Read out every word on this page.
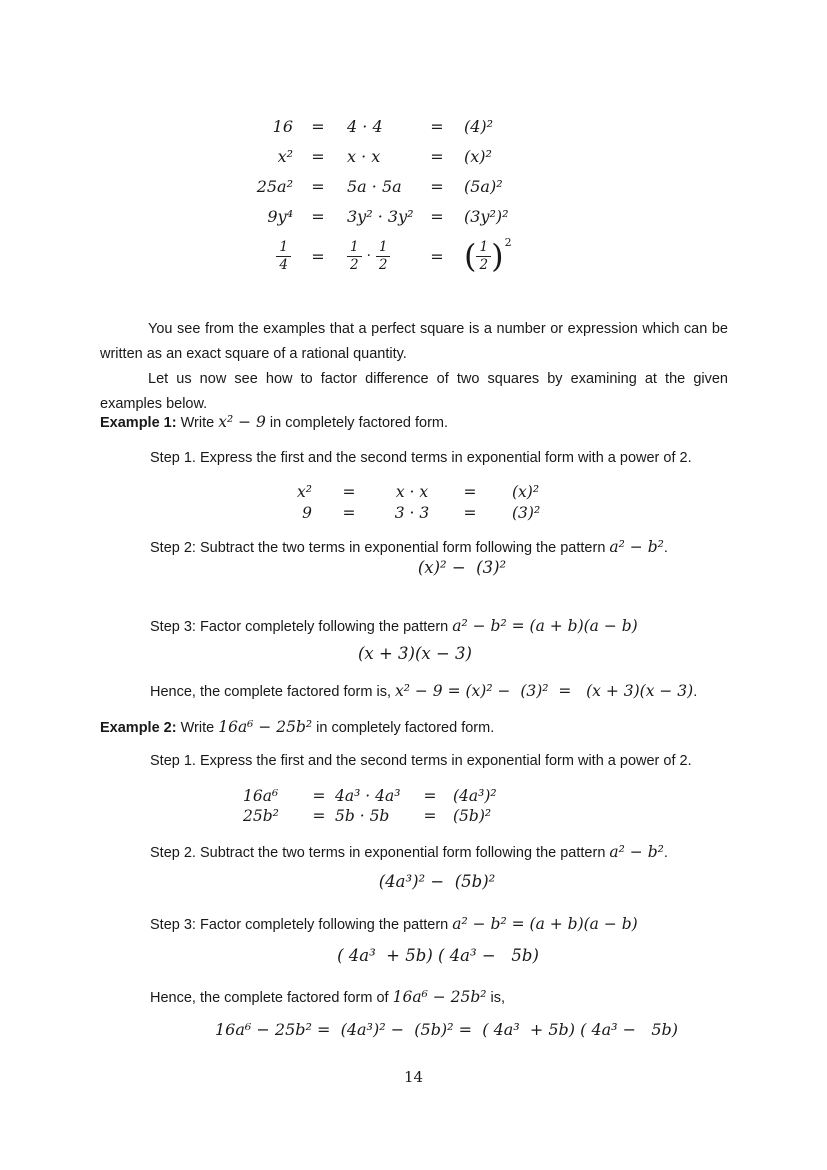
16	=	4 · 4	=	(4)²
x²	=	x · x	=	(x)²
25a²	=	5a · 5a	=	(5a)²
9y⁴	=	3y² · 3y²	=	(3y²)²
$\frac{1}{4}$	=	$\frac{1}{2} \cdot \frac{1}{2}$	= ( $\frac{1}{2}$ ) 2

You see from the examples that a perfect square is a number or expression which can be written as an exact square of a rational quantity.

Let us now see how to factor difference of two squares by examining at the given examples below.

Example 1: Write x² − 9 in completely factored form.
Step 1. Express the first and the second terms in exponential form with a power of 2.
x²	=	x · x	=	(x)²
9	=	3 · 3	=	(3)²
Step 2: Subtract the two terms in exponential form following the pattern a² − b².
(x)² −  (3)²
Step 3: Factor completely following the pattern a² − b² = (a + b)(a − b)
(x + 3)(x − 3)
Hence, the complete factored form is, x² − 9 = (x)² −  (3)²  =   (x + 3)(x − 3).
Example 2: Write 16a⁶ − 25b² in completely factored form.
Step 1. Express the first and the second terms in exponential form with a power of 2.
16a⁶	= 4a³ · 4a³	=	(4a³)²
25b²	= 5b · 5b	=	(5b)²
Step 2. Subtract the two terms in exponential form following the pattern a² − b².
(4a³)² −  (5b)²
Step 3: Factor completely following the pattern a² − b² = (a + b)(a − b)
( 4a³  + 5b) ( 4a³ −   5b)
Hence, the complete factored form of 16a⁶ − 25b² is,
16a⁶ − 25b² =  (4a³)² −  (5b)² =  ( 4a³  + 5b) ( 4a³ −   5b)
14
